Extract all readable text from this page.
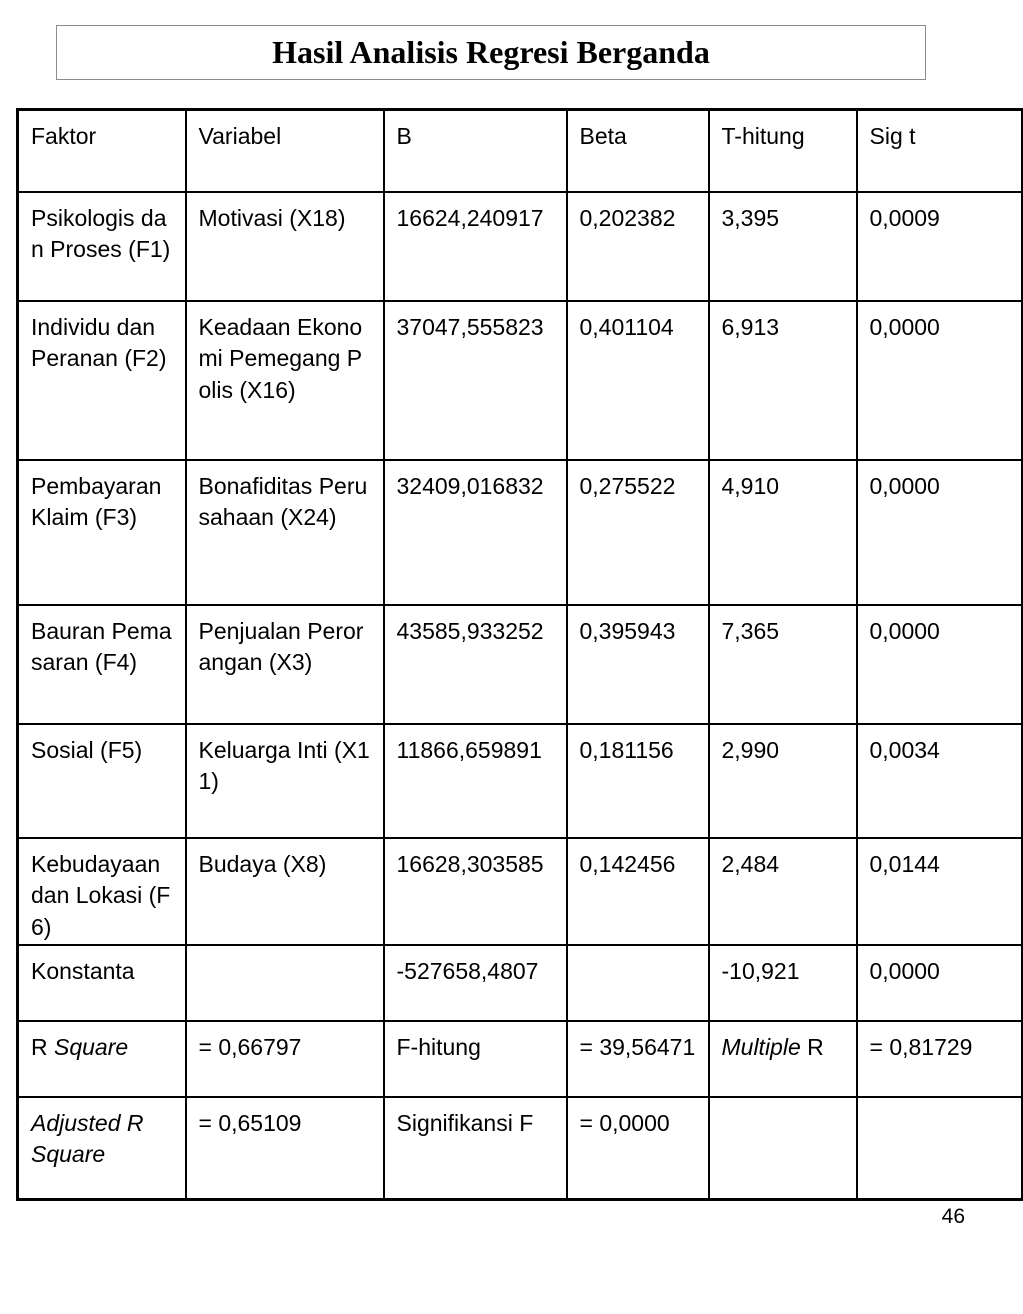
Hasil Analisis Regresi Berganda
Faktor	Variabel	B	Beta	T-hitung	Sig t
Psikologis dan Proses (F1)	Motivasi (X18)	16624,240917	0,202382	3,395	0,0009
Individu dan Peranan (F2)	Keadaan Ekonomi Pemegang Polis (X16)	37047,555823	0,401104	6,913	0,0000
Pembayaran Klaim (F3)	Bonafiditas Perusahaan (X24)	32409,016832	0,275522	4,910	0,0000
Bauran Pemasaran (F4)	Penjualan Perorangan (X3)	43585,933252	0,395943	7,365	0,0000
Sosial (F5)	Keluarga Inti (X11)	11866,659891	0,181156	2,990	0,0034
Kebudayaan dan Lokasi (F6)	Budaya (X8)	16628,303585	0,142456	2,484	0,0144
Konstanta		-527658,4807		-10,921	0,0000
R Square	= 0,66797	F-hitung	= 39,56471	Multiple R	= 0,81729
Adjusted R Square	= 0,65109	Signifikansi F	= 0,0000		
46
